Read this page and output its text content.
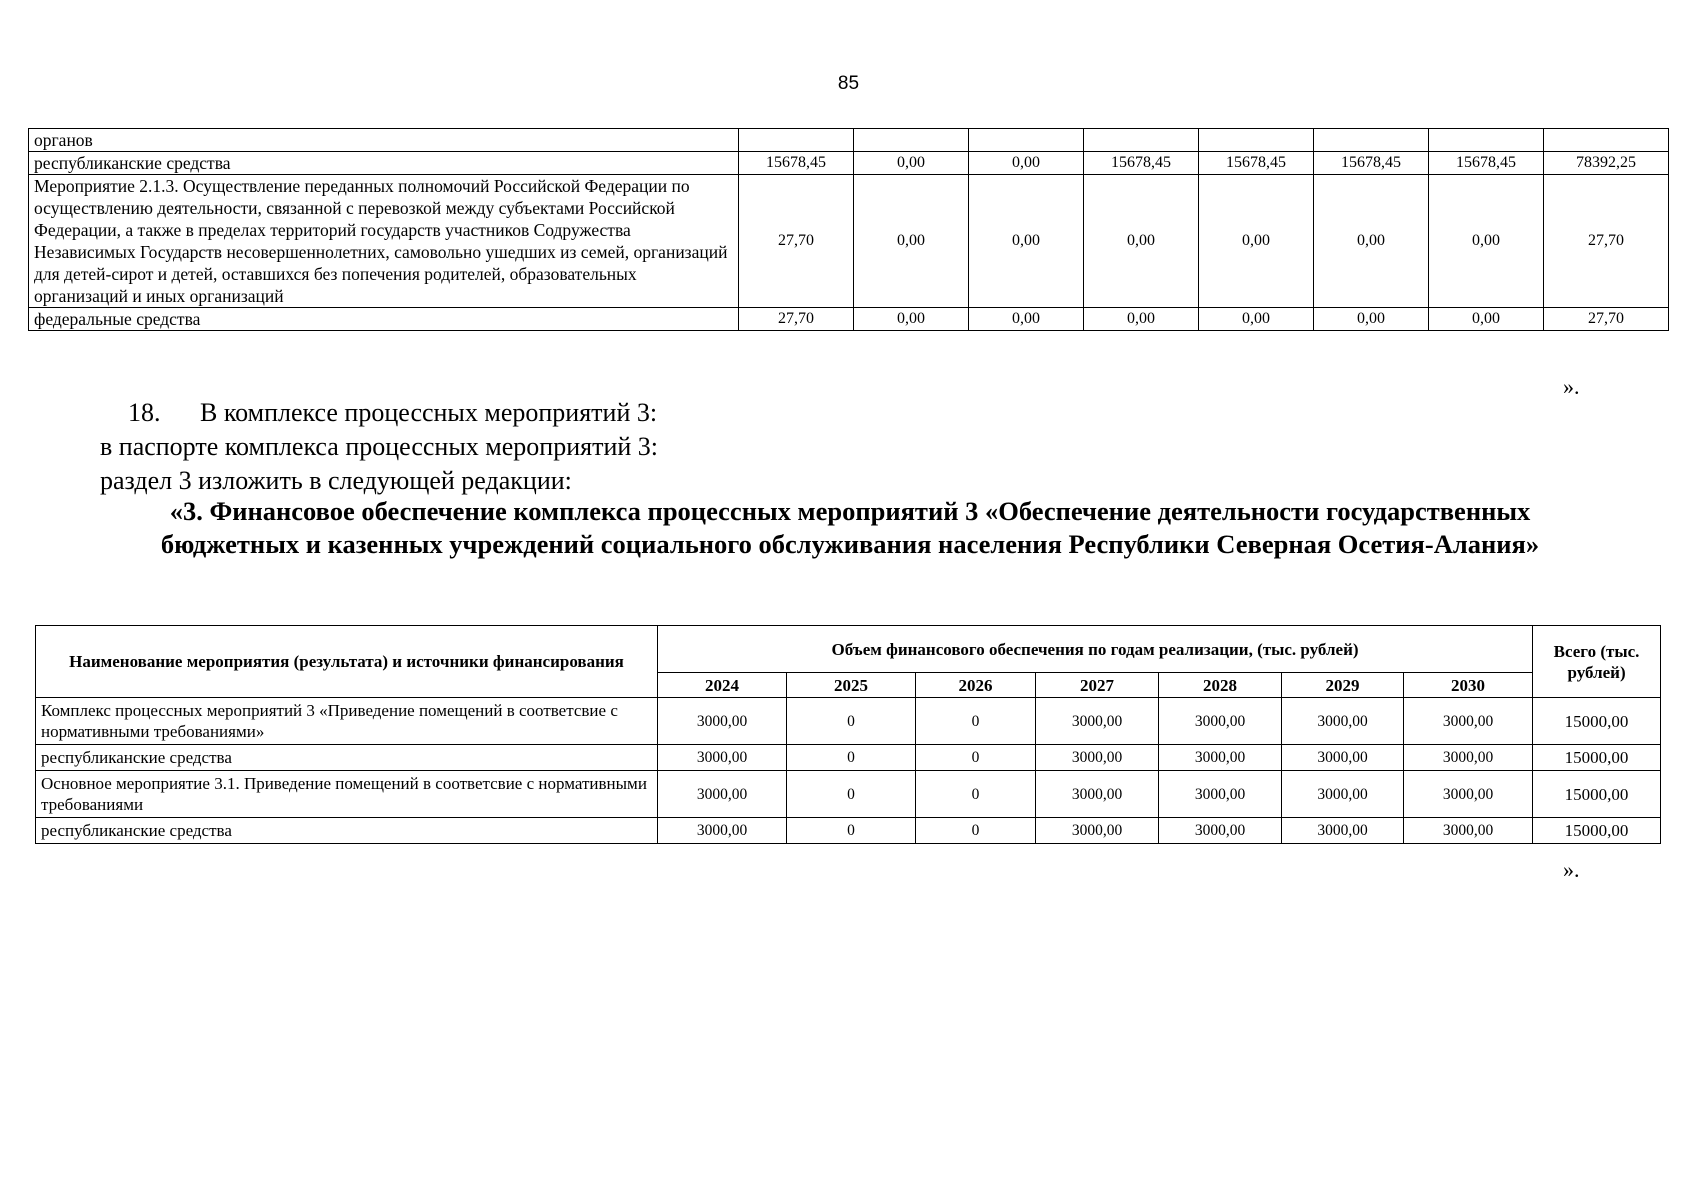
85
органов								
республиканские средства	15678,45	0,00	0,00	15678,45	15678,45	15678,45	15678,45	78392,25
Мероприятие 2.1.3. Осуществление переданных полномочий Российской Федерации по осуществлению деятельности, связанной с перевозкой между субъектами Российской Федерации, а также в пределах территорий государств участников Содружества Независимых Государств несовершеннолетних, самовольно ушедших из семей, организаций для детей-сирот и детей, оставшихся без попечения родителей, образовательных организаций и иных организаций	27,70	0,00	0,00	0,00	0,00	0,00	0,00	27,70
федеральные средства	27,70	0,00	0,00	0,00	0,00	0,00	0,00	27,70
».
18. В комплексе процессных мероприятий 3:
в паспорте комплекса процессных мероприятий 3:
раздел 3 изложить в следующей редакции:
«3. Финансовое обеспечение комплекса процессных мероприятий 3 «Обеспечение деятельности государственных бюджетных и казенных учреждений социального обслуживания населения Республики Северная Осетия-Алания»
Наименование мероприятия (результата) и источники финансирования	Объем финансового обеспечения по годам реализации, (тыс. рублей)							Всего (тыс. рублей)
	2024	2025	2026	2027	2028	2029	2030	
Комплекс процессных мероприятий 3 «Приведение помещений в соответсвие с нормативными требованиями»	3000,00	0	0	3000,00	3000,00	3000,00	3000,00	15000,00
республиканские средства	3000,00	0	0	3000,00	3000,00	3000,00	3000,00	15000,00
Основное мероприятие 3.1. Приведение помещений в соответсвие с нормативными требованиями	3000,00	0	0	3000,00	3000,00	3000,00	3000,00	15000,00
республиканские средства	3000,00	0	0	3000,00	3000,00	3000,00	3000,00	15000,00
».
